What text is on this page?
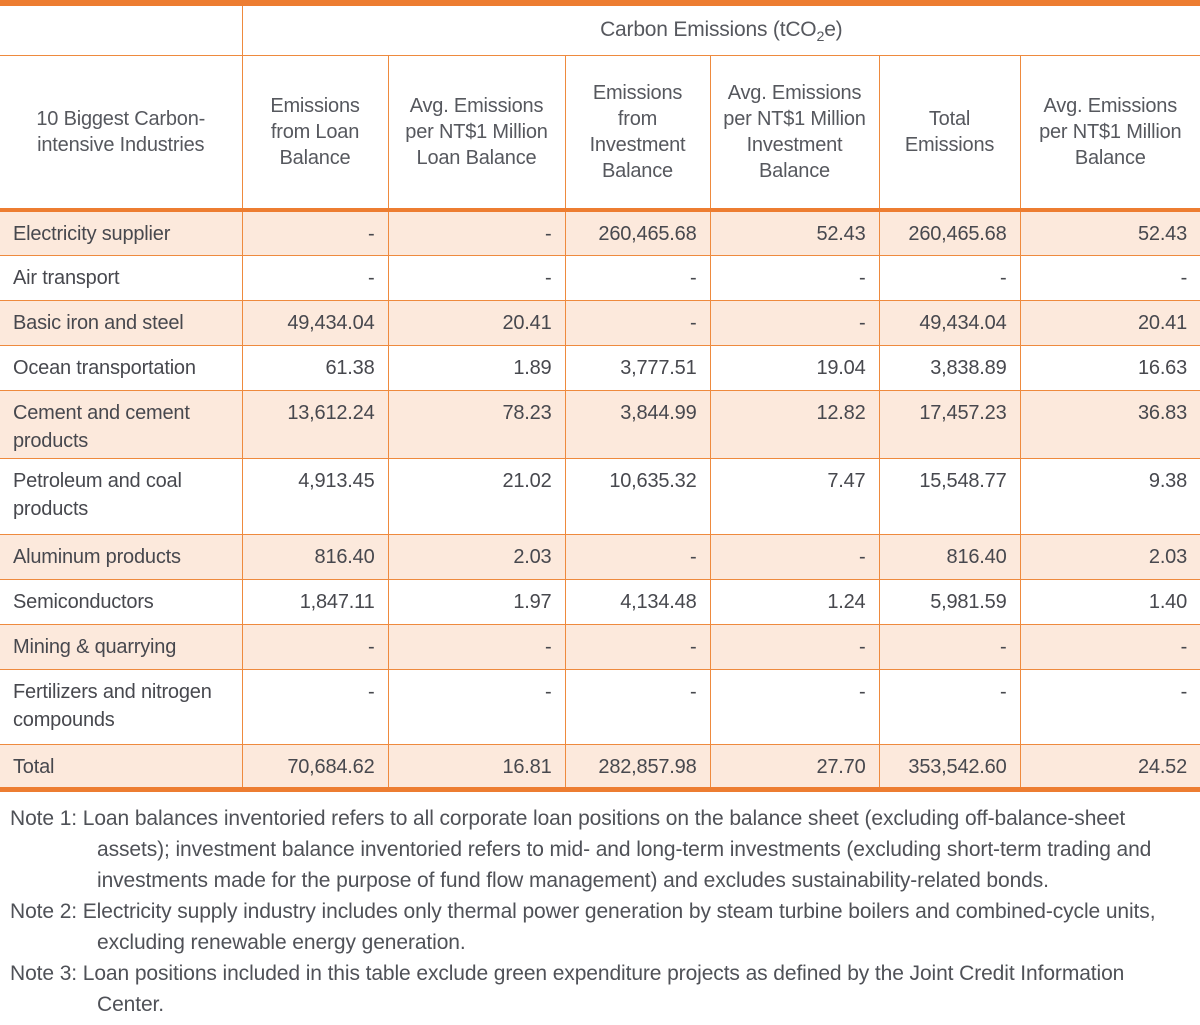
	Carbon Emissions (tCO$_2$e)					
10 Biggest Carbon-intensive Industries	Emissions from Loan Balance	Avg. Emissions per NT$1 Million Loan Balance	Emissions from Investment Balance	Avg. Emissions per NT$1 Million Investment Balance	Total Emissions	Avg. Emissions per NT$1 Million Balance
Electricity supplier	-	-	260,465.68	52.43	260,465.68	52.43
Air transport	-	-	-	-	-	-
Basic iron and steel	49,434.04	20.41	-	-	49,434.04	20.41
Ocean transportation	61.38	1.89	3,777.51	19.04	3,838.89	16.63
Cement and cement products	13,612.24	78.23	3,844.99	12.82	17,457.23	36.83
Petroleum and coal products	4,913.45	21.02	10,635.32	7.47	15,548.77	9.38
Aluminum products	816.40	2.03	-	-	816.40	2.03
Semiconductors	1,847.11	1.97	4,134.48	1.24	5,981.59	1.40
Mining & quarrying	-	-	-	-	-	-
Fertilizers and nitrogen compounds	-	-	-	-	-	-
Total	70,684.62	16.81	282,857.98	27.70	353,542.60	24.52
Note 1: Loan balances inventoried refers to all corporate loan positions on the balance sheet (excluding off-balance-sheet assets); investment balance inventoried refers to mid- and long-term investments (excluding short-term trading and investments made for the purpose of fund flow management) and excludes sustainability-related bonds.
Note 2: Electricity supply industry includes only thermal power generation by steam turbine boilers and combined-cycle units, excluding renewable energy generation.
Note 3: Loan positions included in this table exclude green expenditure projects as defined by the Joint Credit Information Center.
